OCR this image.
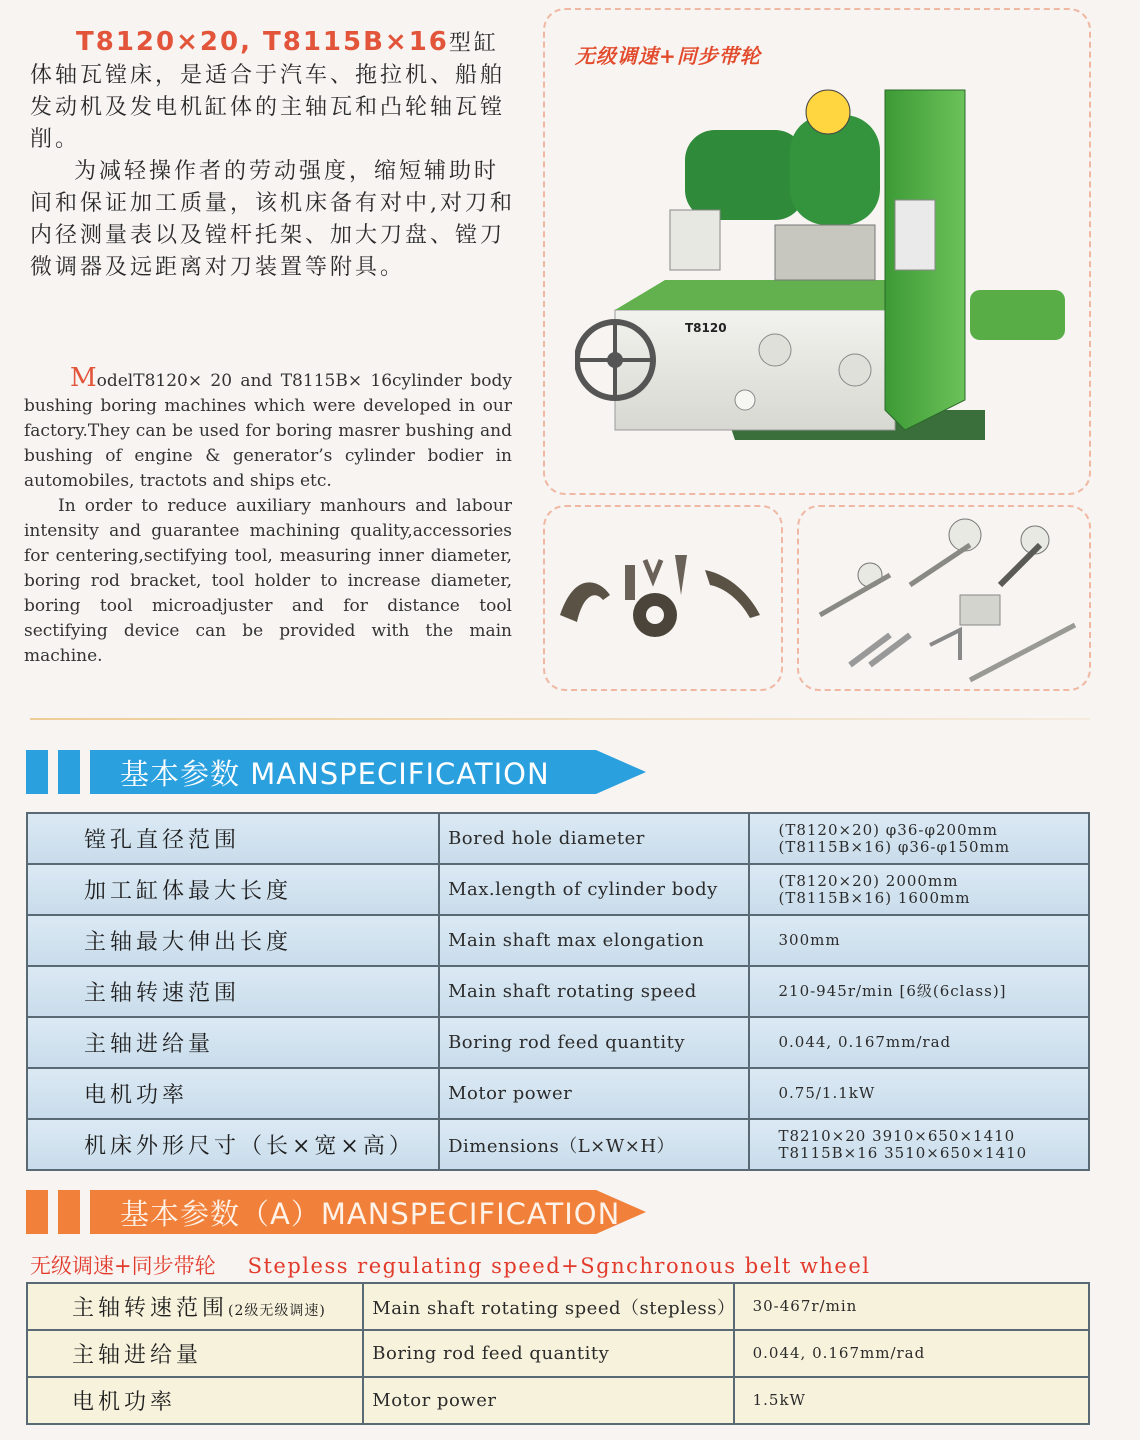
T8120×20, T8115B×16型缸体轴瓦镗床，是适合于汽车、拖拉机、船舶发动机及发电机缸体的主轴瓦和凸轮轴瓦镗削。

为减轻操作者的劳动强度，缩短辅助时间和保证加工质量，该机床备有对中,对刀和内径测量表以及镗杆托架、加大刀盘、镗刀微调器及远距离对刀装置等附具。

ModelT8120× 20 and T8115B× 16cylinder body bushing boring machines which were developed in our factory.They can be used for boring masrer bushing and bushing of engine & generator’s cylinder bodier in automobiles, tractots and ships etc.

In order to reduce auxiliary manhours and labour intensity and guarantee machining quality,accessories for centering,sectifying tool, measuring inner diameter, boring rod bracket, tool holder to increase diameter, boring tool microadjuster and for distance tool sectifying device can be provided with the main machine.

无级调速+同步带轮
T8120
基本参数 MANSPECIFICATION
镗孔直径范围	Bored hole diameter	(T8120×20) φ36-φ200mm
(T8115B×16) φ36-φ150mm

加工缸体最大长度	Max.length of cylinder body	(T8120×20) 2000mm
(T8115B×16) 1600mm

主轴最大伸出长度	Main shaft max elongation	300mm
主轴转速范围	Main shaft rotating speed	210-945r/min [6级(6class)]
主轴进给量	Boring rod feed quantity	0.044, 0.167mm/rad
电机功率	Motor power	0.75/1.1kW
机床外形尺寸（长×宽×高）	Dimensions（L×W×H）	T8210×20 3910×650×1410
T8115B×16 3510×650×1410
基本参数（A）MANSPECIFICATION
无级调速+同步带轮 Stepless regulating speed+Sgnchronous belt wheel
主轴转速范围(2级无级调速)	Main shaft rotating speed（stepless）	30-467r/min
主轴进给量	Boring rod feed quantity	0.044, 0.167mm/rad
电机功率	Motor power	1.5kW
